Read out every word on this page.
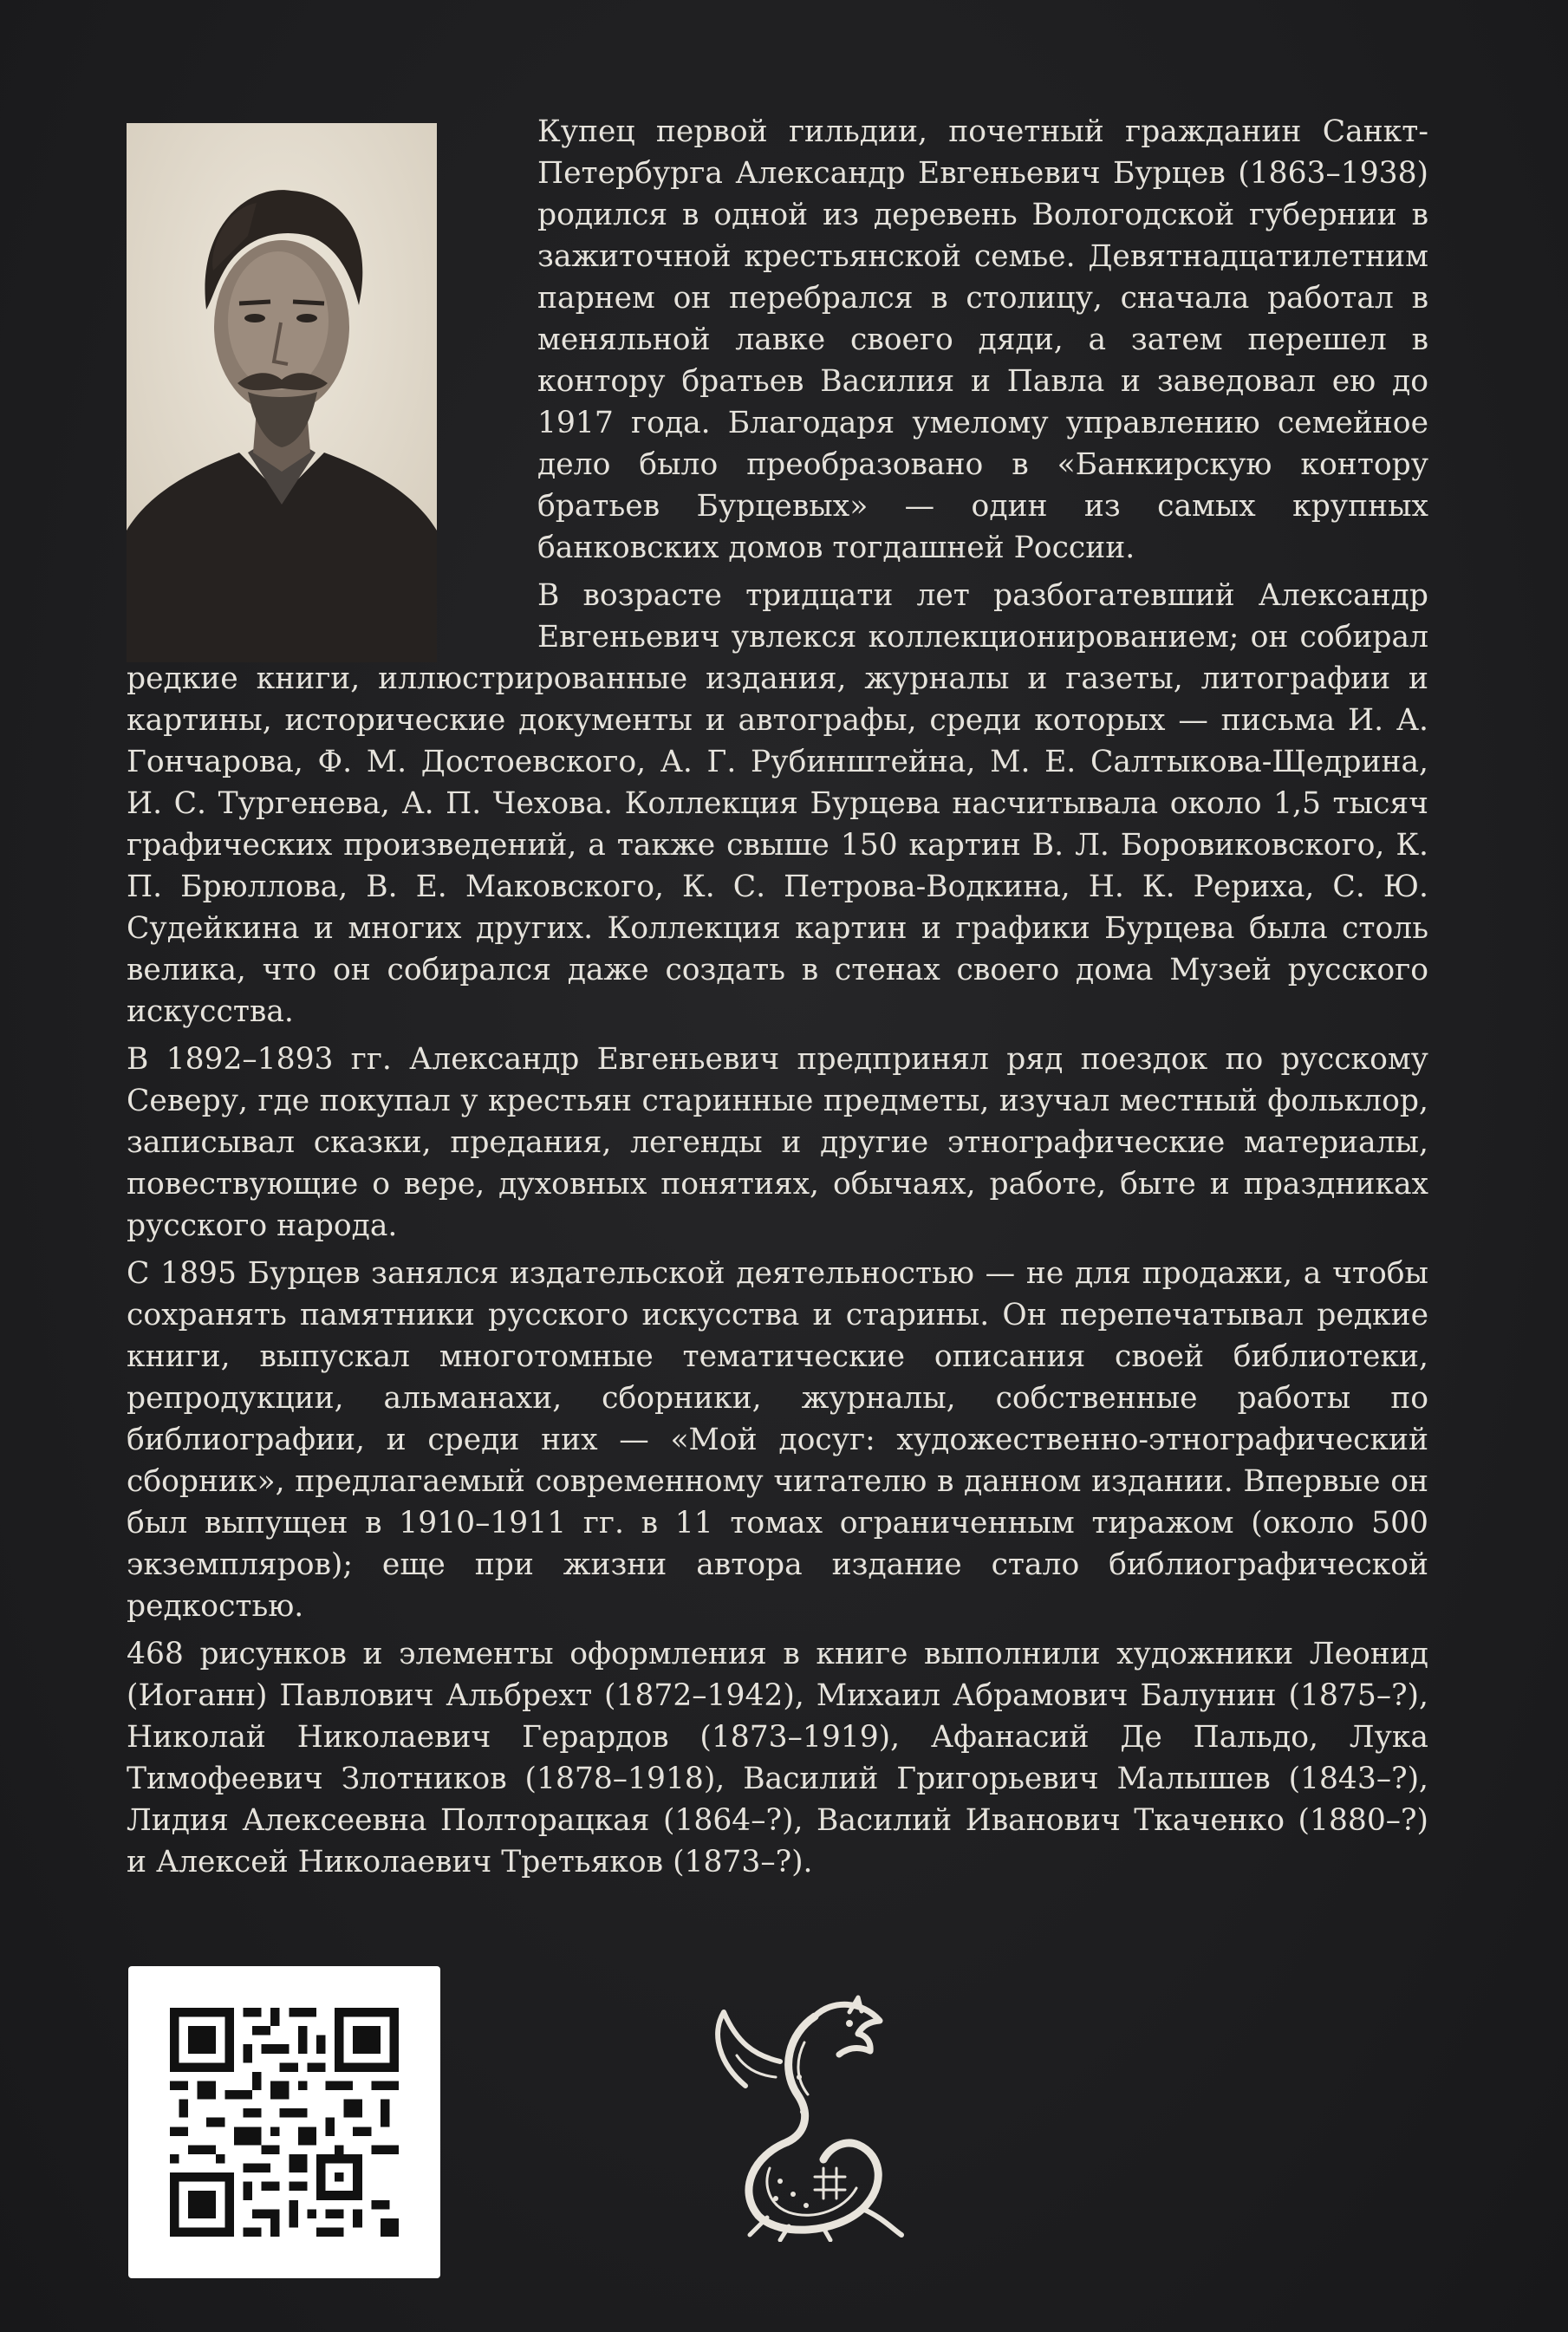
Купец первой гильдии, почетный гражданин Санкт-Петербурга Александр Евгеньевич Бурцев (1863–1938) родился в одной из деревень Вологодской губернии в зажиточной крестьянской семье. Девятнадцатилетним парнем он перебрался в столицу, сначала работал в меняльной лавке своего дяди, а затем перешел в контору братьев Василия и Павла и заведовал ею до 1917 года. Благодаря умелому управлению семейное дело было преобразовано в «Банкирскую контору братьев Бурцевых» — один из самых крупных банковских домов тогдашней России.

В возрасте тридцати лет разбогатевший Александр Евгеньевич увлекся коллекционированием; он собирал редкие книги, иллюстрированные издания, журналы и газеты, литографии и картины, исторические документы и автографы, среди которых — письма И. А. Гончарова, Ф. М. Достоевского, А. Г. Рубинштейна, М. Е. Салтыкова-Щедрина, И. С. Тургенева, А. П. Чехова. Коллекция Бурцева насчитывала около 1,5 тысяч графических произведений, а также свыше 150 картин В. Л. Боровиковского, К. П. Брюллова, В. Е. Маковского, К. С. Петрова-Водкина, Н. К. Рериха, С. Ю. Судейкина и многих других. Коллекция картин и графики Бурцева была столь велика, что он собирался даже создать в стенах своего дома Музей русского искусства.

В 1892–1893 гг. Александр Евгеньевич предпринял ряд поездок по русскому Северу, где покупал у крестьян старинные предметы, изучал местный фольклор, записывал сказки, предания, легенды и другие этнографические материалы, повествующие о вере, духовных понятиях, обычаях, работе, быте и праздниках русского народа.

С 1895 Бурцев занялся издательской деятельностью — не для продажи, а чтобы сохранять памятники русского искусства и старины. Он перепечатывал редкие книги, выпускал многотомные тематические описания своей библиотеки, репродукции, альманахи, сборники, журналы, собственные работы по библиографии, и среди них — «Мой досуг: художественно-этнографический сборник», предлагаемый современному читателю в данном издании. Впервые он был выпущен в 1910–1911 гг. в 11 томах ограниченным тиражом (около 500 экземпляров); еще при жизни автора издание стало библиографической редкостью.

468 рисунков и элементы оформления в книге выполнили художники Леонид (Иоганн) Павлович Альбрехт (1872–1942), Михаил Абрамович Балунин (1875–?), Николай Николаевич Герардов (1873–1919), Афанасий Де Пальдо, Лука Тимофеевич Злотников (1878–1918), Василий Григорьевич Малышев (1843–?), Лидия Алексеевна Полторацкая (1864–?), Василий Иванович Ткаченко (1880–?) и Алексей Николаевич Третьяков (1873–?).
